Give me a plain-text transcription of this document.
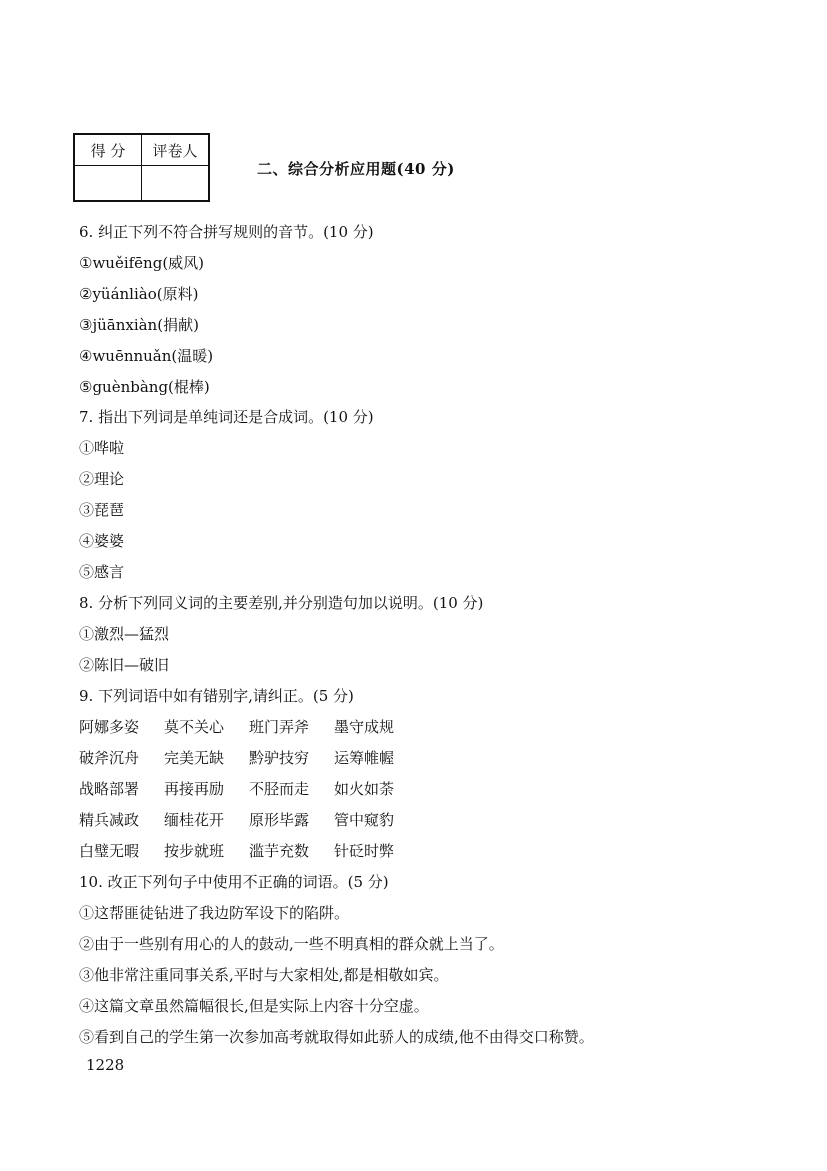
得 分	评卷人

二、综合分析应用题(40 分)
6. 纠正下列不符合拼写规则的音节。(10 分)
①wuěifēng(威风)
②yüánliào(原料)
③jüānxiàn(捐献)
④wuēnnuǎn(温暖)
⑤guènbàng(棍棒)
7. 指出下列词是单纯词还是合成词。(10 分)
①哗啦
②理论
③琵琶
④婆婆
⑤感言
8. 分析下列同义词的主要差别,并分别造句加以说明。(10 分)
①激烈—猛烈
②陈旧—破旧
9. 下列词语中如有错别字,请纠正。(5 分)
阿娜多姿	莫不关心	班门弄斧	墨守成规
破斧沉舟	完美无缺	黔驴技穷	运筹帷幄
战略部署	再接再励	不胫而走	如火如荼
精兵减政	缅桂花开	原形毕露	管中窥豹
白璧无暇	按步就班	滥芋充数	针砭时弊
10. 改正下列句子中使用不正确的词语。(5 分)
①这帮匪徒钻进了我边防军设下的陷阱。
②由于一些别有用心的人的鼓动,一些不明真相的群众就上当了。
③他非常注重同事关系,平时与大家相处,都是相敬如宾。
④这篇文章虽然篇幅很长,但是实际上内容十分空虚。
⑤看到自己的学生第一次参加高考就取得如此骄人的成绩,他不由得交口称赞。
1228
